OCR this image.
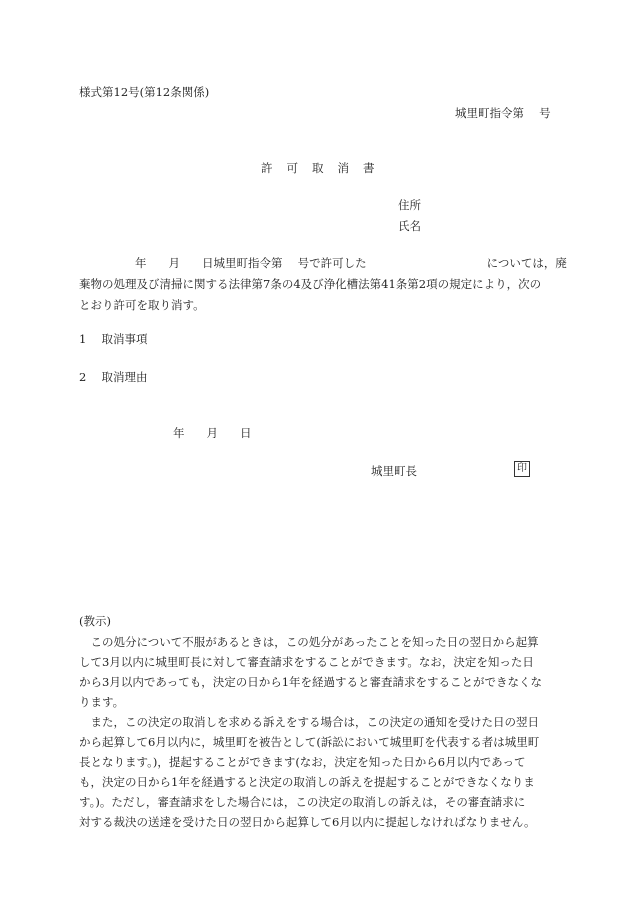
様式第12号(第12条関係)
城里町指令第　 号
許 可 取 消 書
住所
氏名
年 月 日城里町指令第　 号で許可した	については，廃
棄物の処理及び清掃に関する法律第7条の4及び浄化槽法第41条第2項の規定により，次の
とおり許可を取り消す。
1　 取消事項
2　 取消理由
年 月 日
城里町長	印
(教示)
　この処分について不服があるときは，この処分があったことを知った日の翌日から起算
して3月以内に城里町長に対して審査請求をすることができます。なお，決定を知った日
から3月以内であっても，決定の日から1年を経過すると審査請求をすることができなくな
ります。
　また，この決定の取消しを求める訴えをする場合は，この決定の通知を受けた日の翌日
から起算して6月以内に，城里町を被告として(訴訟において城里町を代表する者は城里町
長となります。)，提起することができます(なお，決定を知った日から6月以内であって
も，決定の日から1年を経過すると決定の取消しの訴えを提起することができなくなりま
す。)。ただし，審査請求をした場合には，この決定の取消しの訴えは，その審査請求に
対する裁決の送達を受けた日の翌日から起算して6月以内に提起しなければなりません。
